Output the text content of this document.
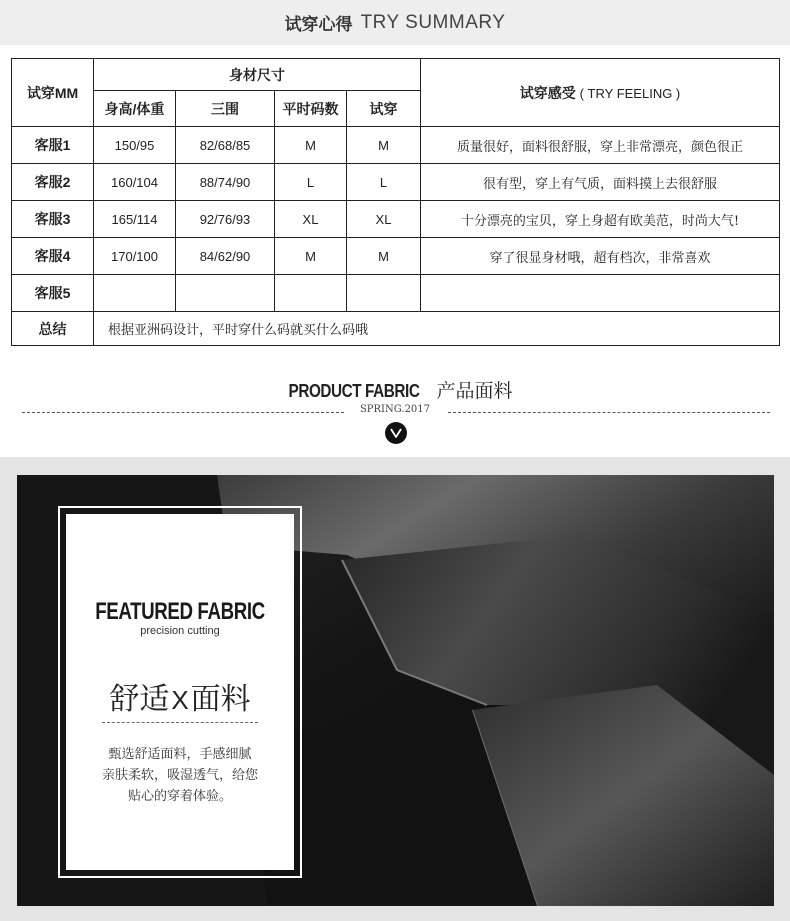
试穿心得 TRY SUMMARY
试穿MM	身材尺寸				试穿感受 ( TRY FEELING )
	身高/体重	三围	平时码数	试穿	
客服1	150/95	82/68/85	M	M	质量很好，面料很舒服，穿上非常漂亮，颜色很正
客服2	160/104	88/74/90	L	L	很有型，穿上有气质，面料摸上去很舒服
客服3	165/114	92/76/93	XL	XL	十分漂亮的宝贝，穿上身超有欧美范，时尚大气!
客服4	170/100	84/62/90	M	M	穿了很显身材哦，超有档次，非常喜欢
客服5					
总结	根据亚洲码设计，平时穿什么码就买什么码哦				
PRODUCT FABRIC 产品面料
SPRING.2017
FEATURED FABRIC
precision cutting
舒适X面料
甄选舒适面料，手感细腻
亲肤柔软，吸湿透气，给您
贴心的穿着体验。
